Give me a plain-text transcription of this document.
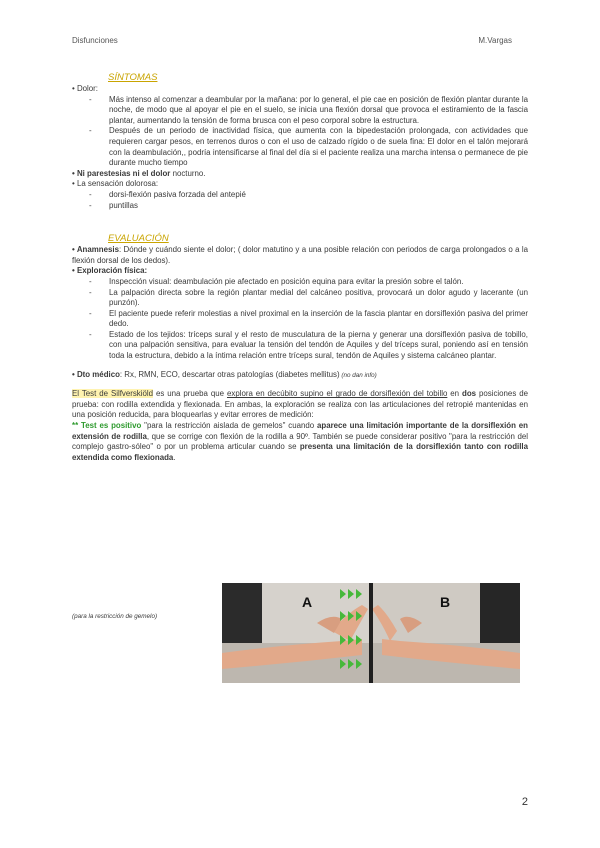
Disfunciones	M.Vargas
SÍNTOMAS

• Dolor:

- Más intenso al comenzar a deambular por la mañana: por lo general, el pie cae en posición de flexión plantar durante la noche, de modo que al apoyar el pie en el suelo, se inicia una flexión dorsal que provoca el estiramiento de la fascia plantar, aumentando la tensión de forma brusca con el peso corporal sobre la estructura.
- Después de un periodo de inactividad física, que aumenta con la bipedestación prolongada, con actividades que requieren cargar pesos, en terrenos duros o con el uso de calzado rígido o de suela fina: El dolor en el talón mejorará con la deambulación,, podría intensificarse al final del día si el paciente realiza una marcha intensa o permanece de pie durante mucho tiempo

• Ni parestesias ni el dolor nocturno.

• La sensación dolorosa:

- dorsi-flexión pasiva forzada del antepié
- puntillas
EVALUACIÓN

• Anamnesis: Dónde y cuándo siente el dolor; ( dolor matutino y a una posible relación con periodos de carga prolongados o a la flexión dorsal de los dedos).

• Exploración física:

- Inspección visual: deambulación pie afectado en posición equina para evitar la presión sobre el talón.
- La palpación directa sobre la región plantar medial del calcáneo positiva, provocará un dolor agudo y lacerante (un punzón).
- El paciente puede referir molestias a nivel proximal en la inserción de la fascia plantar en dorsiflexión pasiva del primer dedo.
- Estado de los tejidos: tríceps sural y el resto de musculatura de la pierna y generar una dorsiflexión pasiva de tobillo, con una palpación sensitiva, para evaluar la tensión del tendón de Aquiles y del tríceps sural, poniendo así en tensión toda la estructura, debido a la íntima relación entre tríceps sural, tendón de Aquiles y sistema calcáneo plantar.

• Dto médico: Rx, RMN, ECO, descartar otras patologías (diabetes mellitus) (no dan info)

El Test de Silfverskiöld es una prueba que explora en decúbito supino el grado de dorsiflexión del tobillo en dos posiciones de prueba: con rodilla extendida y flexionada. En ambas, la exploración se realiza con las articulaciones del retropié mantenidas en una posición reducida, para bloquearlas y evitar errores de medición:
** Test es positivo "para la restricción aislada de gemelos" cuando aparece una limitación importante de la dorsiflexión en extensión de rodilla, que se corrige con flexión de la rodilla a 90º. También se puede considerar positivo "para la restricción del complejo gastro-sóleo" o por un problema articular cuando se presenta una limitación de la dorsiflexión tanto con rodilla extendida como flexionada.

(para la restricción de gemelo)
A	B
2
